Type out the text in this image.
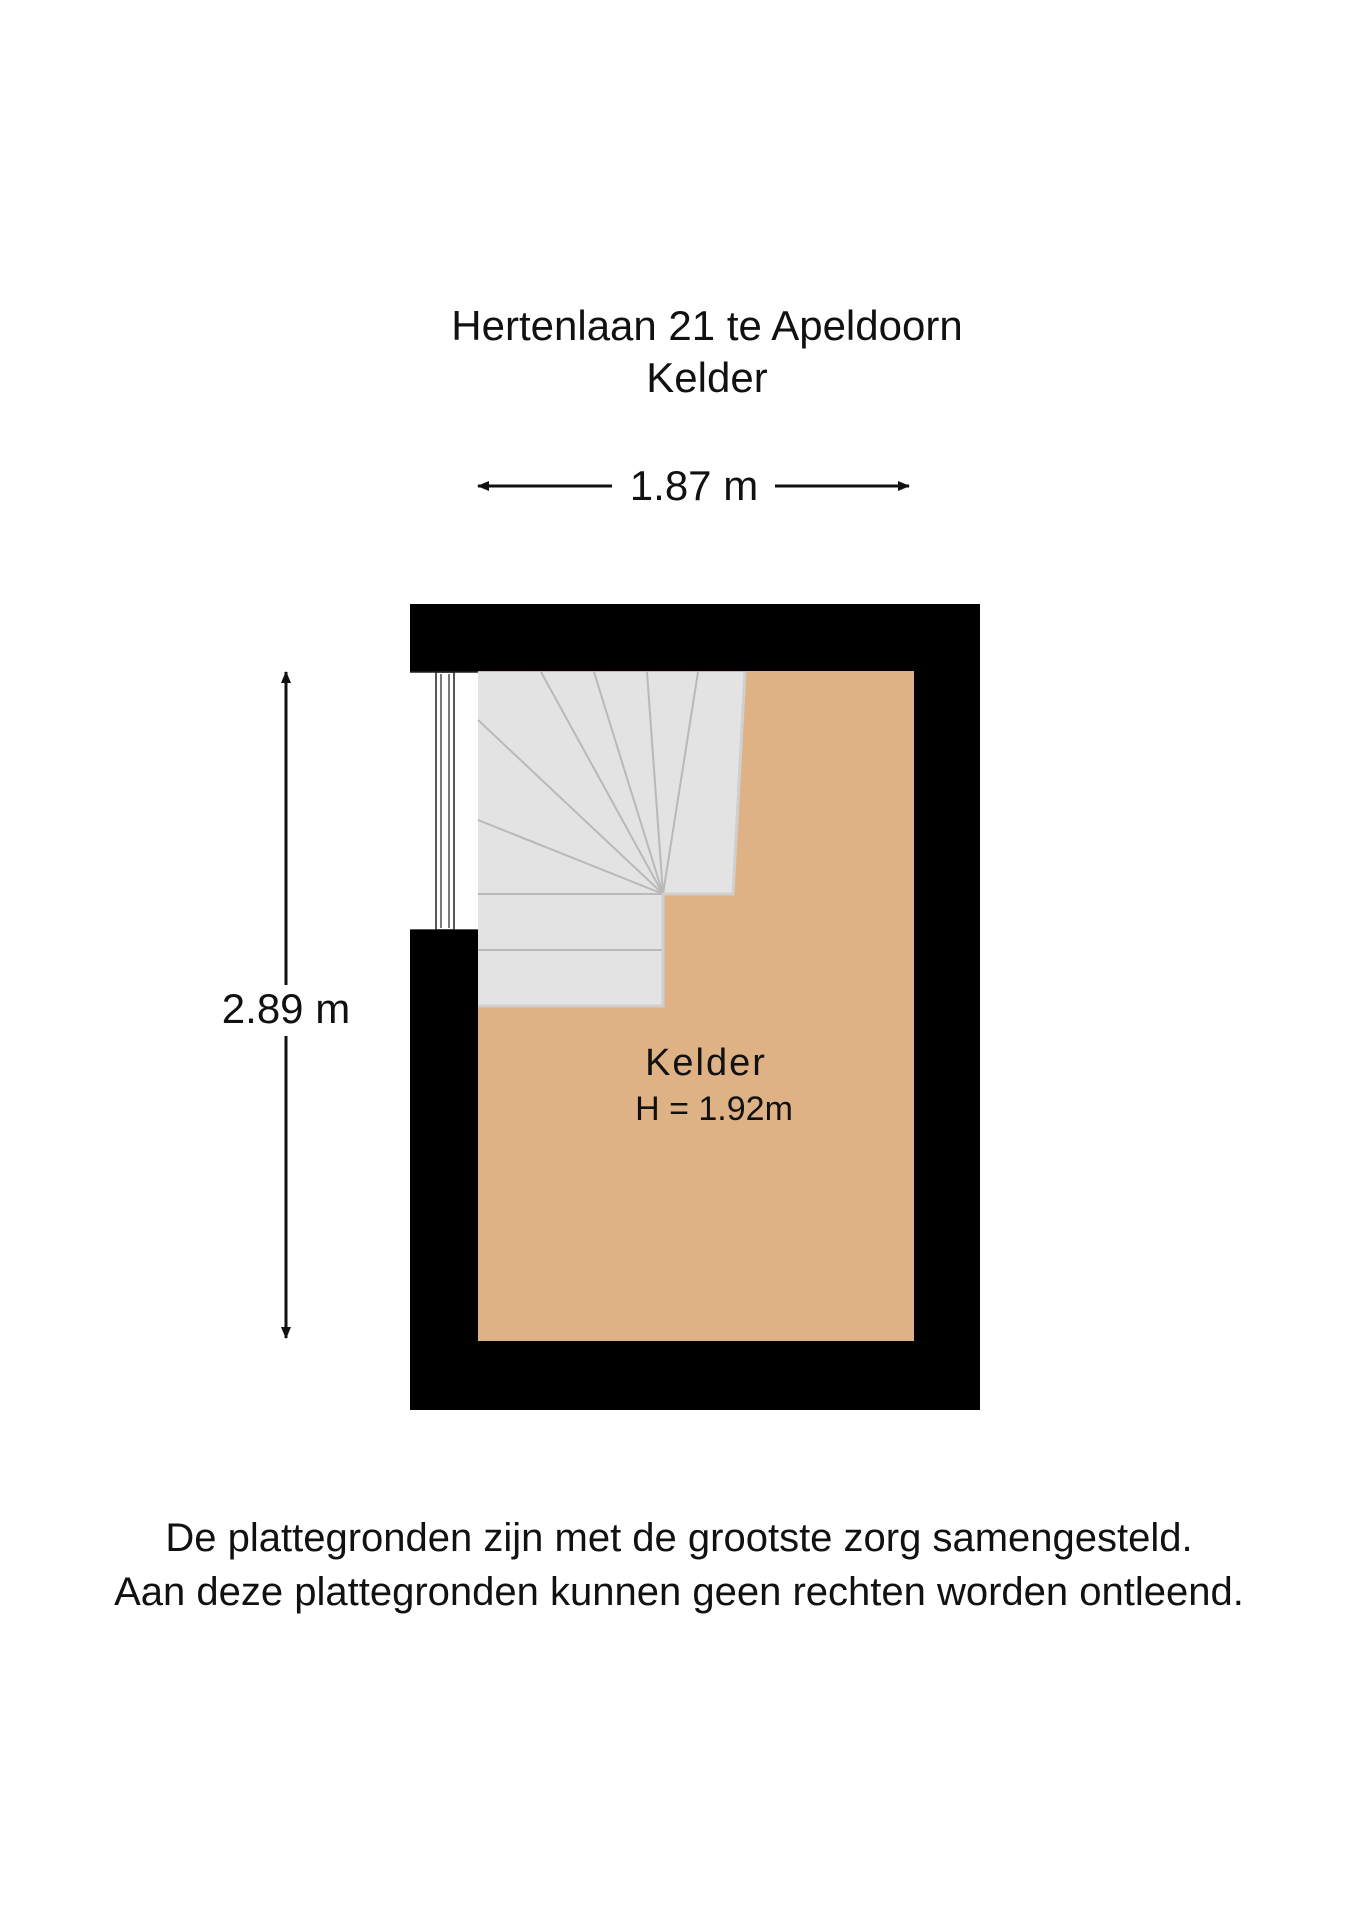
Hertenlaan 21 te Apeldoorn
Kelder
1.87 m
2.89 m
Kelder
H = 1.92m
De plattegronden zijn met de grootste zorg samengesteld.
Aan deze plattegronden kunnen geen rechten worden ontleend.
